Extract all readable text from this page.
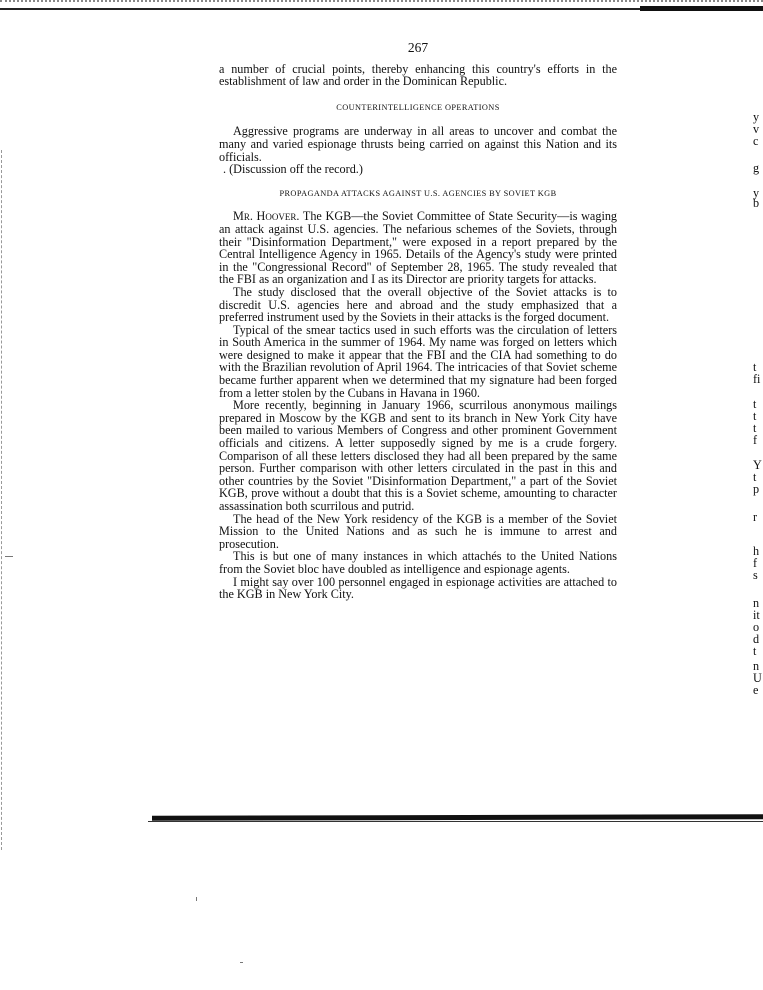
267

a number of crucial points, thereby enhancing this country's efforts in the establishment of law and order in the Dominican Republic.

COUNTERINTELLIGENCE OPERATIONS

Aggressive programs are underway in all areas to uncover and combat the many and varied espionage thrusts being carried on against this Nation and its officials.

. (Discussion off the record.)

PROPAGANDA ATTACKS AGAINST U.S. AGENCIES BY SOVIET KGB

Mr. Hoover. The KGB—the Soviet Committee of State Security—is waging an attack against U.S. agencies. The nefarious schemes of the Soviets, through their "Disinformation Department," were exposed in a report prepared by the Central Intelligence Agency in 1965. Details of the Agency's study were printed in the "Congressional Record" of September 28, 1965. The study revealed that the FBI as an organization and I as its Director are priority targets for attacks.

The study disclosed that the overall objective of the Soviet attacks is to discredit U.S. agencies here and abroad and the study emphasized that a preferred instrument used by the Soviets in their attacks is the forged document.

Typical of the smear tactics used in such efforts was the circulation of letters in South America in the summer of 1964. My name was forged on letters which were designed to make it appear that the FBI and the CIA had something to do with the Brazilian revolution of April 1964. The intricacies of that Soviet scheme became further apparent when we determined that my signature had been forged from a letter stolen by the Cubans in Havana in 1960.

More recently, beginning in January 1966, scurrilous anonymous mailings prepared in Moscow by the KGB and sent to its branch in New York City have been mailed to various Members of Congress and other prominent Government officials and citizens. A letter supposedly signed by me is a crude forgery. Comparison of all these letters disclosed they had all been prepared by the same person. Further comparison with other letters circulated in the past in this and other countries by the Soviet "Disinformation Department," a part of the Soviet KGB, prove without a doubt that this is a Soviet scheme, amounting to character assassination both scurrilous and putrid.

The head of the New York residency of the KGB is a member of the Soviet Mission to the United Nations and as such he is immune to arrest and prosecution.

This is but one of many instances in which attachés to the United Nations from the Soviet bloc have doubled as intelligence and espionage agents.

I might say over 100 personnel engaged in espionage activities are attached to the KGB in New York City.

y
v
c
g
y
b
t
fi
t
t
t
f
Y
t
p
r
h
f
s
n
it
o
d
t
n
U
e
